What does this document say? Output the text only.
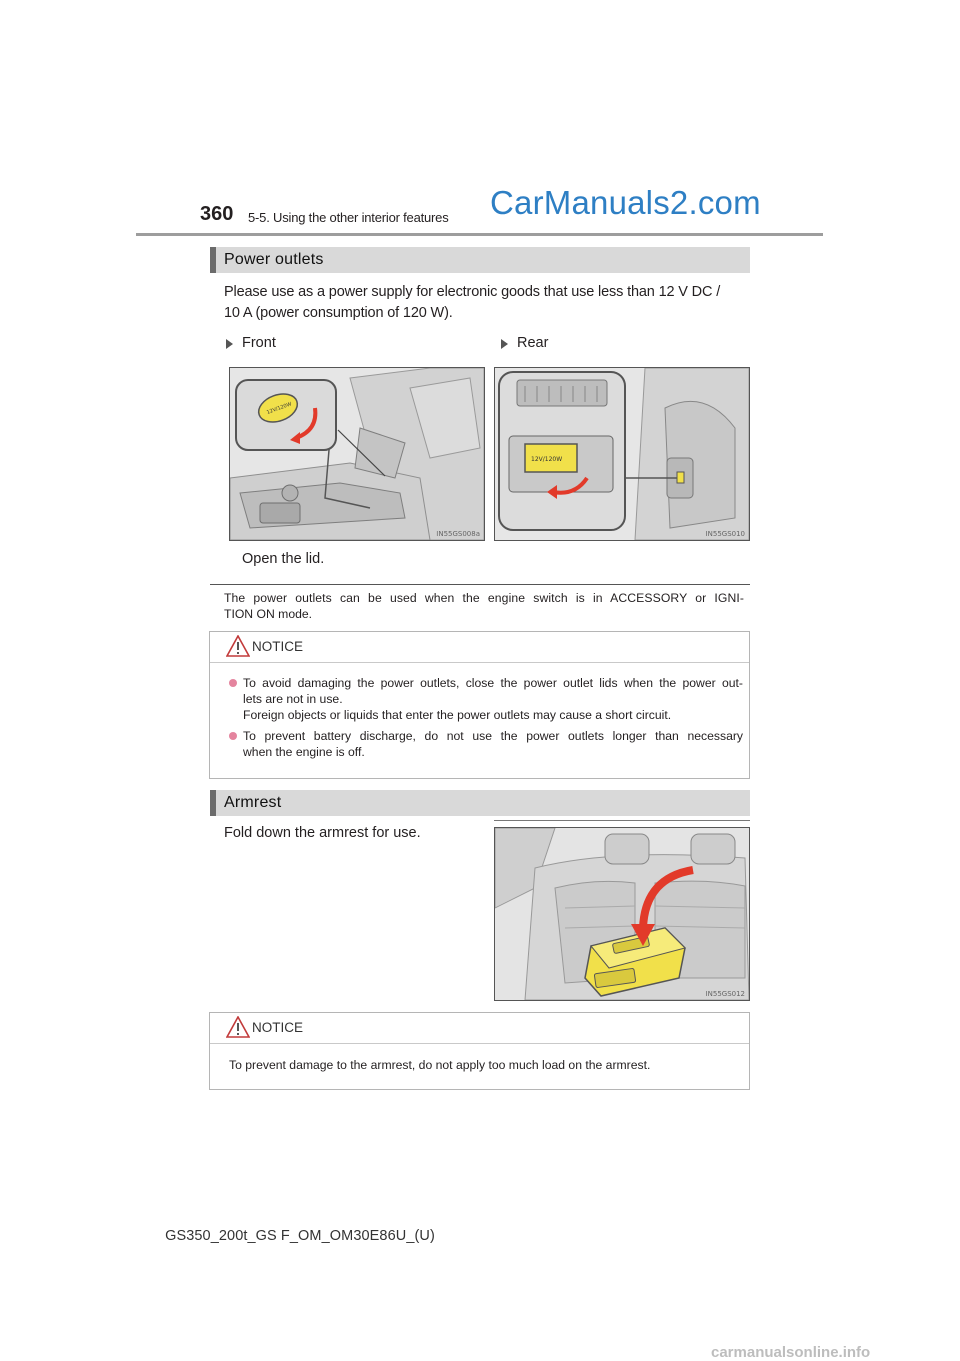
360 5-5. Using the other interior features CarManuals2.com
Power outlets
Please use as a power supply for electronic goods that use less than 12 V DC /
10 A (power consumption of 120 W).
Front	Rear
12V/120W
IN55GS008a
12V/120W
IN55GS010
Open the lid.
The power outlets can be used when the engine switch is in ACCESSORY or IGNI-
TION ON mode.
NOTICE
To avoid damaging the power outlets, close the power outlet lids when the power out-
lets are not in use.
Foreign objects or liquids that enter the power outlets may cause a short circuit.
To prevent battery discharge, do not use the power outlets longer than necessary
when the engine is off.
Armrest
Fold down the armrest for use.
IN55GS012
NOTICE
To prevent damage to the armrest, do not apply too much load on the armrest.
GS350_200t_GS F_OM_OM30E86U_(U)
carmanualsonline.info
